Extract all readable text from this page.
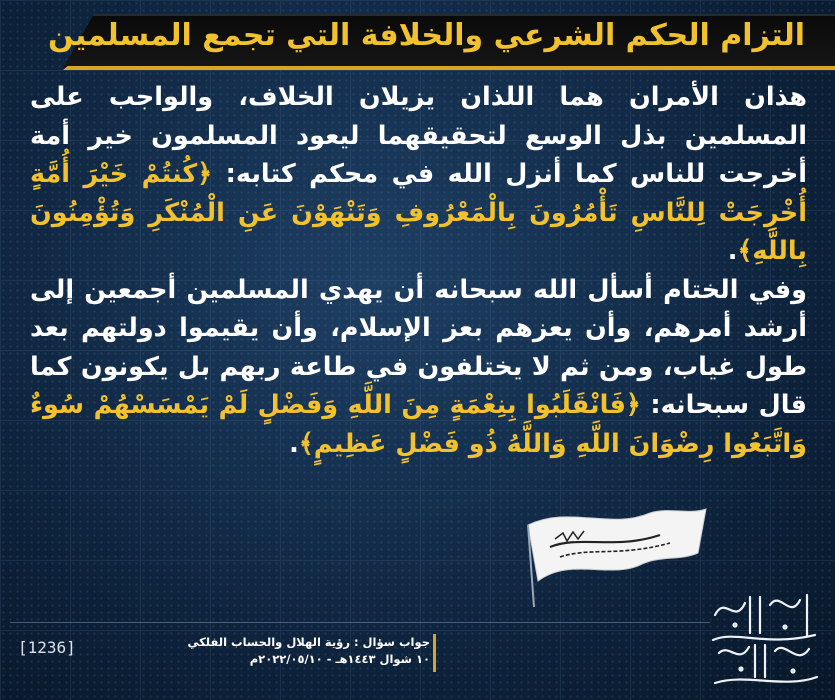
التزام الحكم الشرعي والخلافة التي تجمع المسلمين

هذان الأمران هما اللذان يزيلان الخلاف، والواجب على المسلمين بذل الوسع لتحقيقهما ليعود المسلمون خير أمة أخرجت للناس كما أنزل الله في محكم كتابه: ﴿كُنتُمْ خَيْرَ أُمَّةٍ أُخْرِجَتْ لِلنَّاسِ تَأْمُرُونَ بِالْمَعْرُوفِ وَتَنْهَوْنَ عَنِ الْمُنْكَرِ وَتُؤْمِنُونَ بِاللَّهِ﴾.

وفي الختام أسأل الله سبحانه أن يهدي المسلمين أجمعين إلى أرشد أمرهم، وأن يعزهم بعز الإسلام، وأن يقيموا دولتهم بعد طول غياب، ومن ثم لا يختلفون في طاعة ربهم بل يكونون كما قال سبحانه: ﴿فَانْقَلَبُوا بِنِعْمَةٍ مِنَ اللَّهِ وَفَضْلٍ لَمْ يَمْسَسْهُمْ سُوءٌ وَاتَّبَعُوا رِضْوَانَ اللَّهِ وَاللَّهُ ذُو فَضْلٍ عَظِيمٍ﴾.

[1236]	جواب سؤال : رؤية الهلال والحساب الفلكي
١٠ شوال ١٤٤٣هـ - ٢٠٢٢/٠٥/١٠م
